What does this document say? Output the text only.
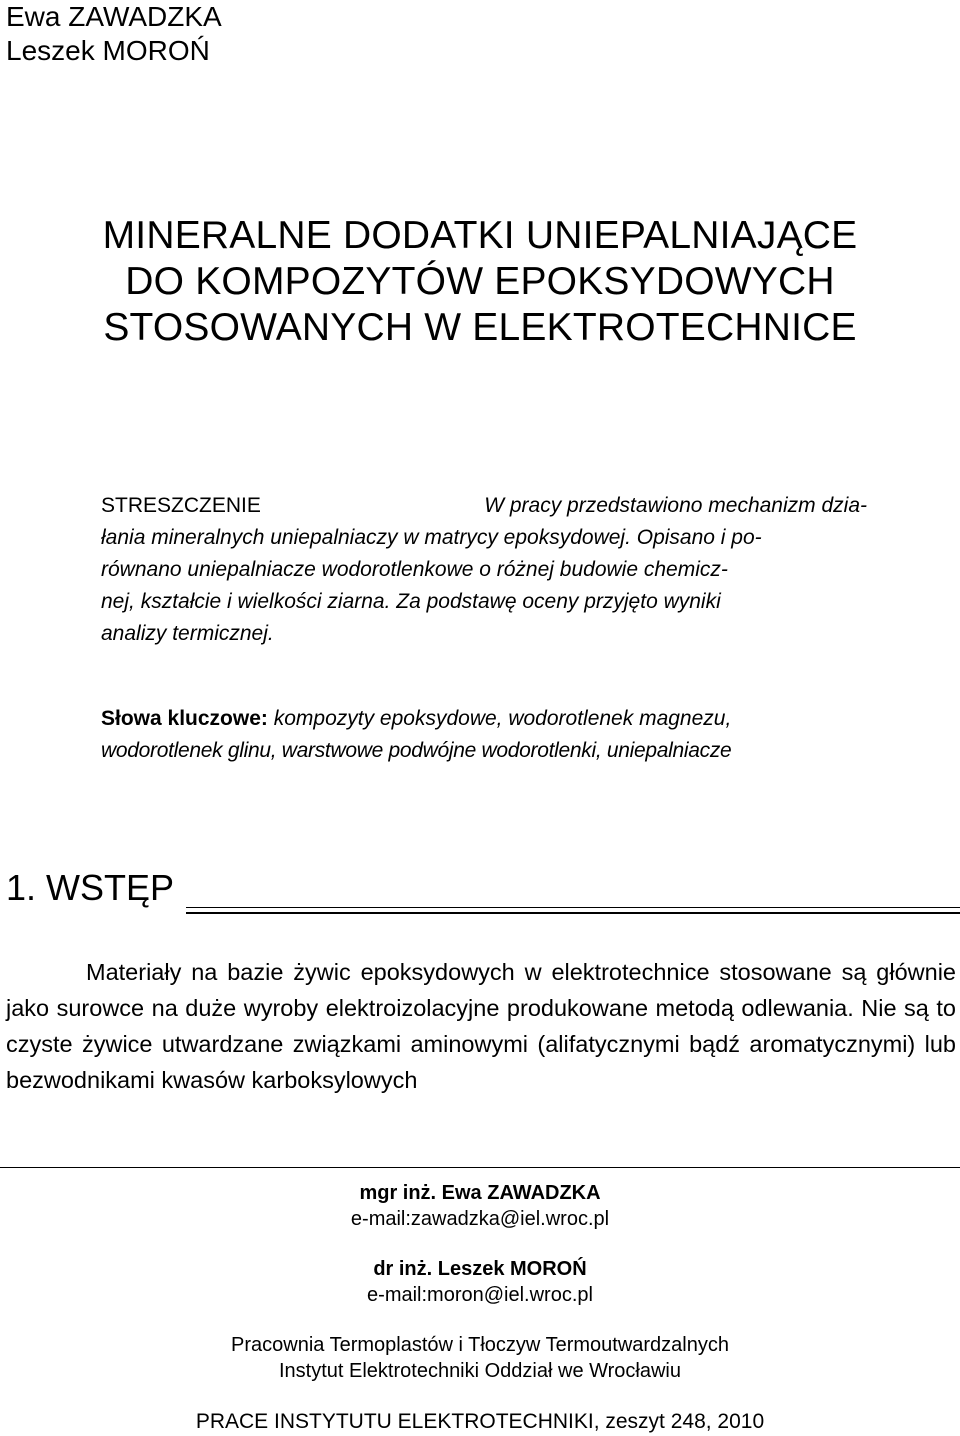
Ewa ZAWADZKA
Leszek MOROŃ
MINERALNE DODATKI UNIEPALNIAJĄCE
DO KOMPOZYTÓW EPOKSYDOWYCH
STOSOWANYCH W ELEKTROTECHNICE
STRESZCZENIE	W pracy przedstawiono mechanizm dzia-
łania mineralnych uniepalniaczy w matrycy epoksydowej. Opisano i po-
równano uniepalniacze wodorotlenkowe o różnej budowie chemicz-
nej, kształcie i wielkości ziarna. Za podstawę oceny przyjęto wyniki
analizy termicznej.
Słowa kluczowe: kompozyty epoksydowe, wodorotlenek magnezu,
wodorotlenek glinu, warstwowe podwójne wodorotlenki, uniepalniacze
1. WSTĘP

Materiały na bazie żywic epoksydowych w elektrotechnice stosowane są głównie jako surowce na duże wyroby elektroizolacyjne produkowane metodą odlewania. Nie są to czyste żywice utwardzane związkami aminowymi (alifatycznymi bądź aromatycznymi) lub bezwodnikami kwasów karboksylowych

mgr inż. Ewa ZAWADZKA
e-mail:zawadzka@iel.wroc.pl
dr inż. Leszek MOROŃ
e-mail:moron@iel.wroc.pl
Pracownia Termoplastów i Tłoczyw Termoutwardzalnych
Instytut Elektrotechniki Oddział we Wrocławiu
PRACE INSTYTUTU ELEKTROTECHNIKI, zeszyt 248, 2010
